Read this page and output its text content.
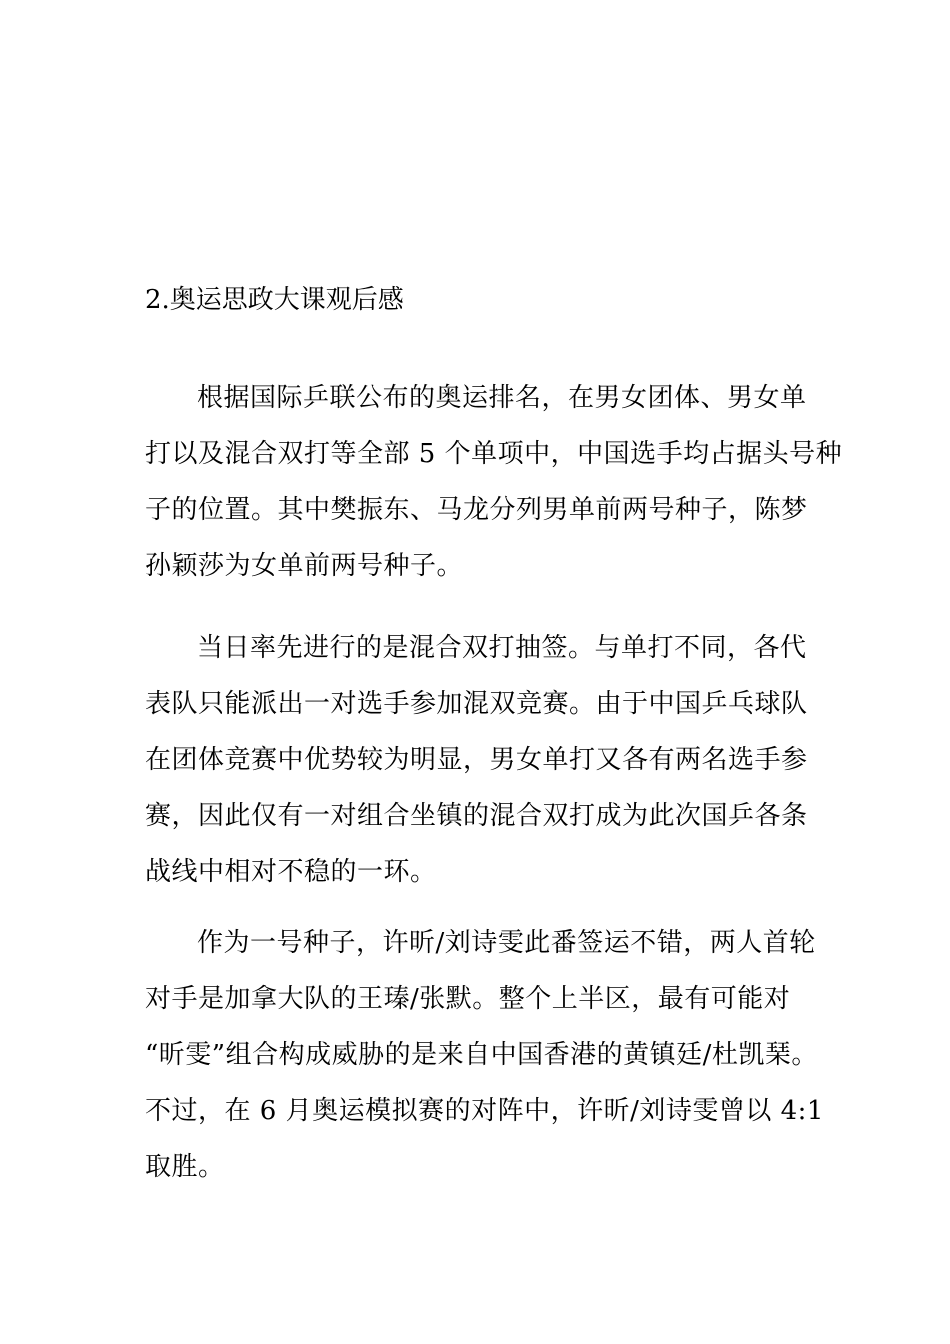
2.奥运思政大课观后感
根据国际乒联公布的奥运排名，在男女团体、男女单
打以及混合双打等全部 5 个单项中，中国选手均占据头号种
子的位置。其中樊振东、马龙分列男单前两号种子，陈梦
孙颖莎为女单前两号种子。
当日率先进行的是混合双打抽签。与单打不同，各代
表队只能派出一对选手参加混双竞赛。由于中国乒乓球队
在团体竞赛中优势较为明显，男女单打又各有两名选手参
赛，因此仅有一对组合坐镇的混合双打成为此次国乒各条
战线中相对不稳的一环。
作为一号种子，许昕/刘诗雯此番签运不错，两人首轮
对手是加拿大队的王瑧/张默。整个上半区，最有可能对
“昕雯”组合构成威胁的是来自中国香港的黄镇廷/杜凯琹。
不过，在 6 月奥运模拟赛的对阵中，许昕/刘诗雯曾以 4:1
取胜。
